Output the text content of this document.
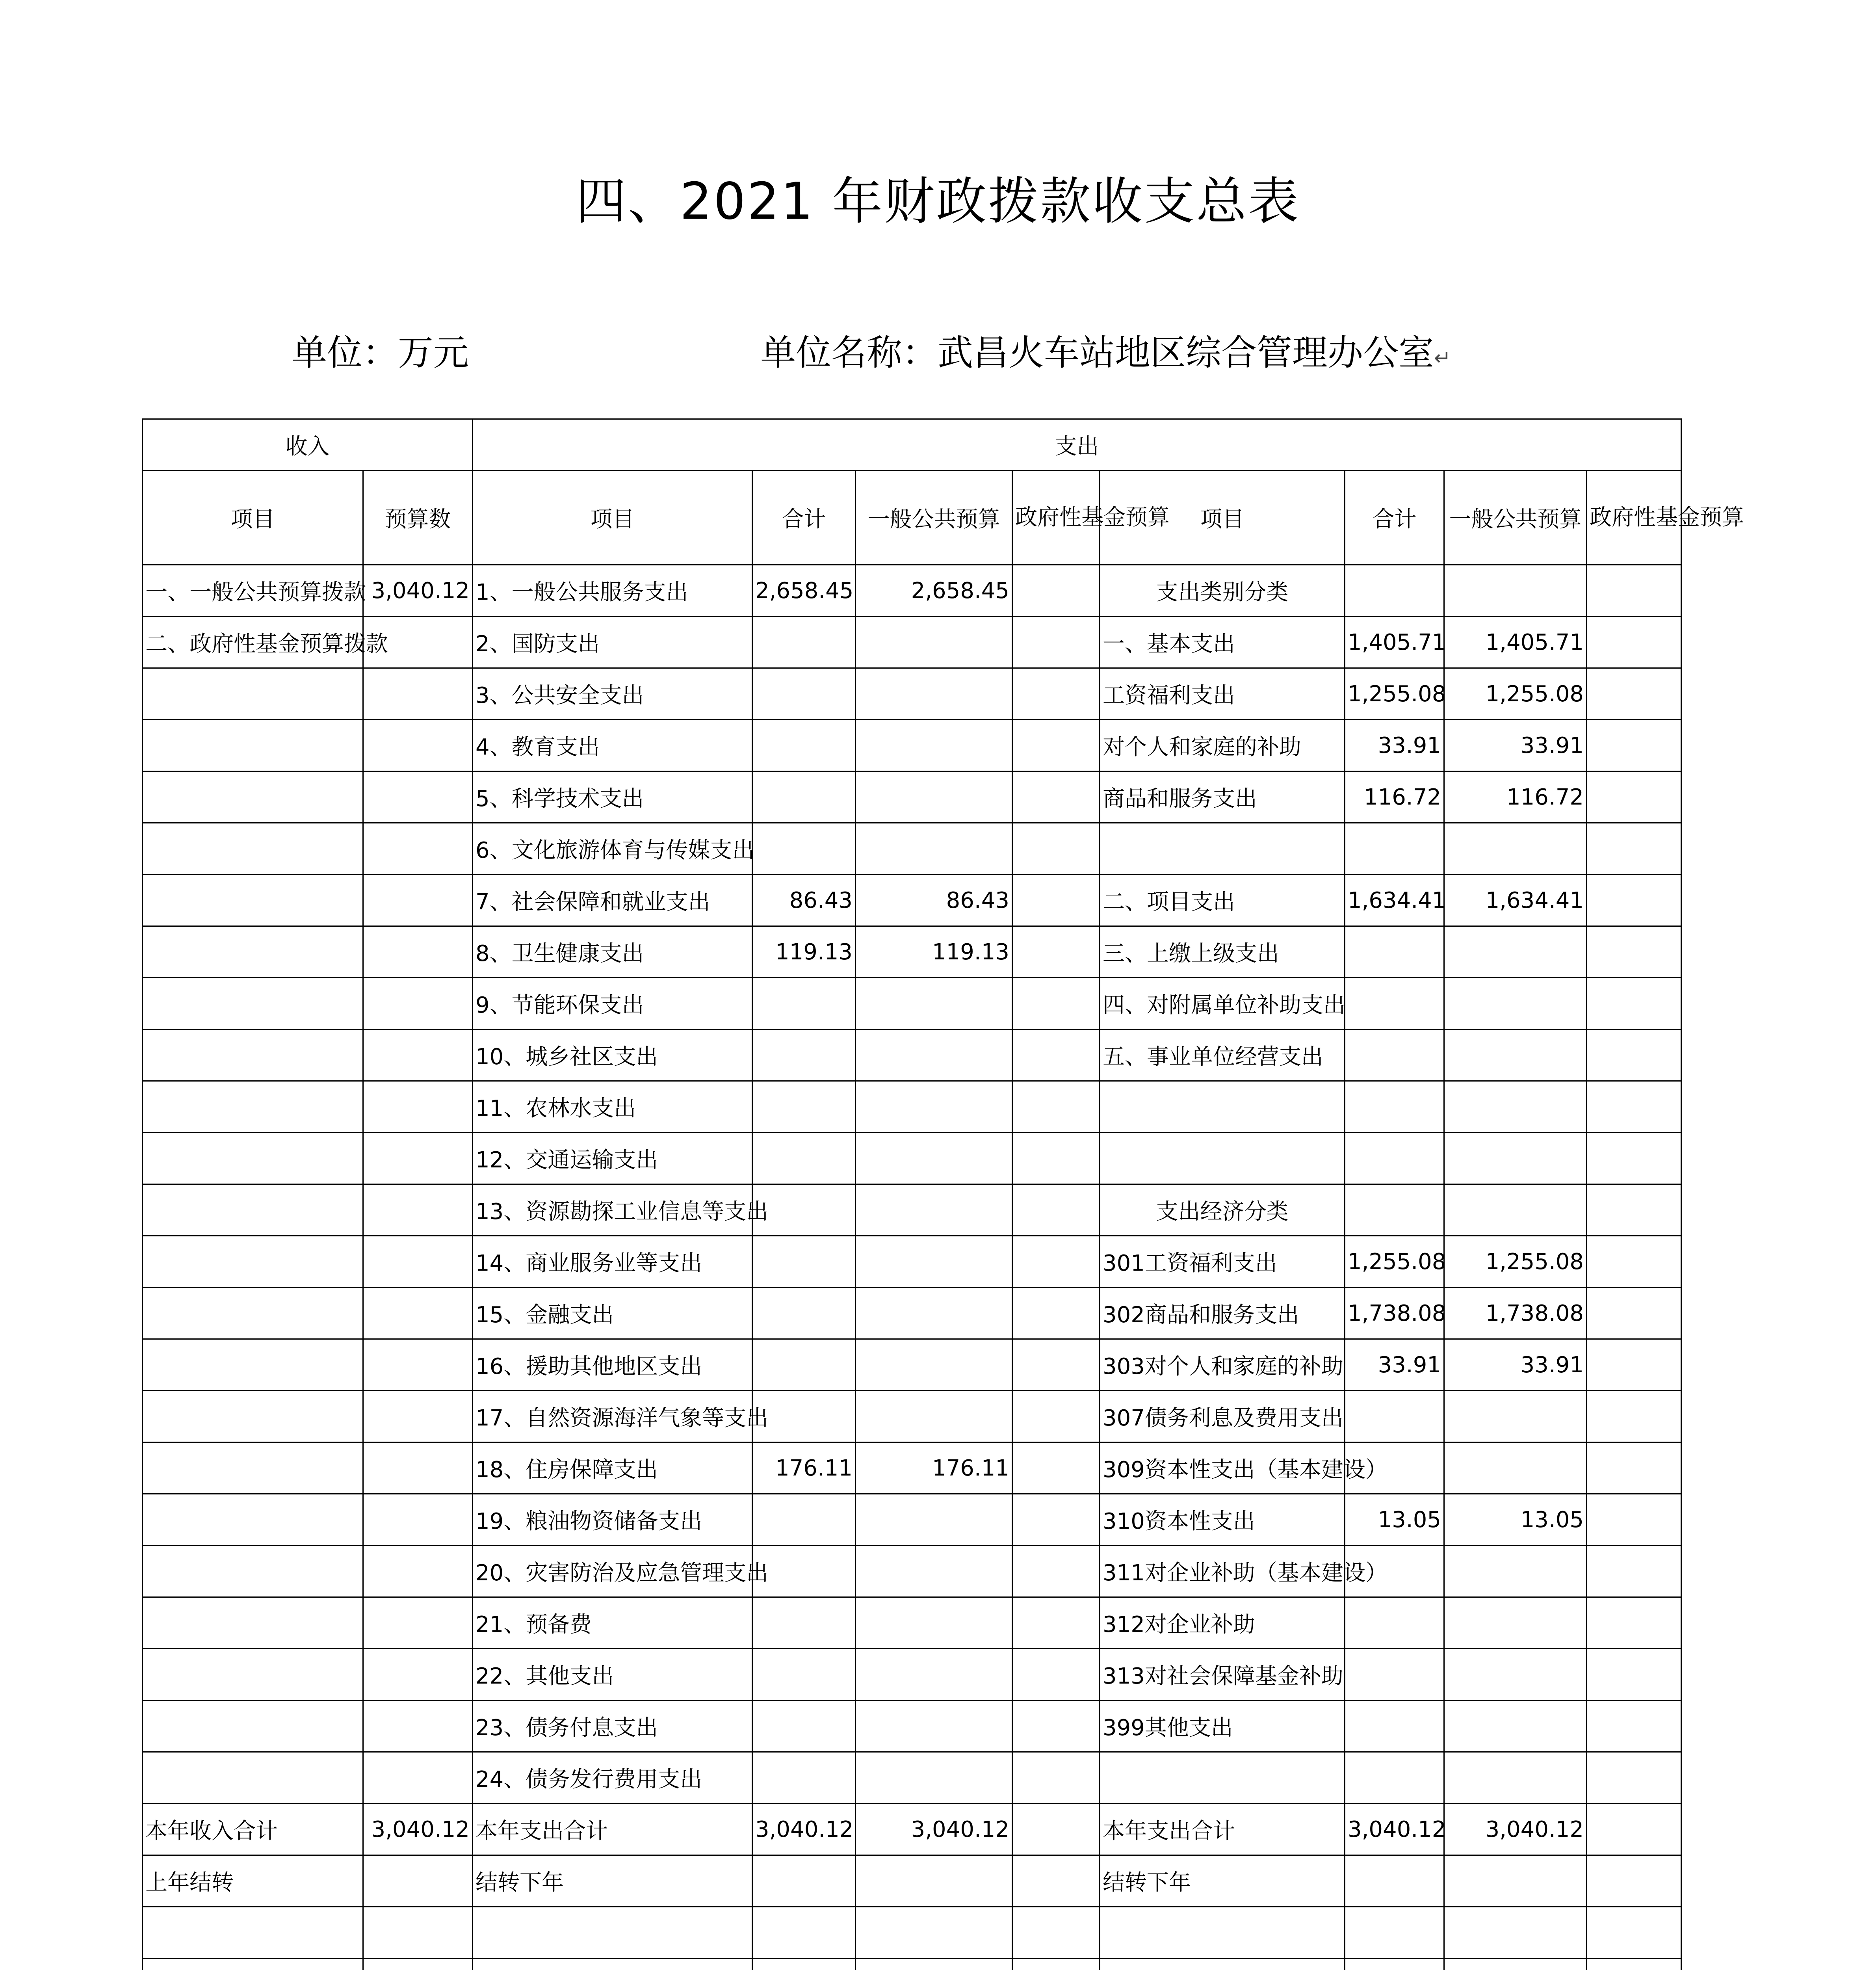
四、2021 年财政拨款收支总表
单位：万元	单位名称：武昌火车站地区综合管理办公室↵
收入		支出							
项目	预算数	项目	合计	一般公共预算	政府性基金预算	项目	合计	一般公共预算	政府性基金预算
一、一般公共预算拨款	3,040.12	1、一般公共服务支出	2,658.45	2,658.45		支出类别分类			
二、政府性基金预算拨款		2、国防支出				一、基本支出	1,405.71	1,405.71	
		3、公共安全支出				工资福利支出	1,255.08	1,255.08	
		4、教育支出				对个人和家庭的补助	33.91	33.91	
		5、科学技术支出				商品和服务支出	116.72	116.72	
		6、文化旅游体育与传媒支出							
		7、社会保障和就业支出	86.43	86.43		二、项目支出	1,634.41	1,634.41	
		8、卫生健康支出	119.13	119.13		三、上缴上级支出			
		9、节能环保支出				四、对附属单位补助支出			
		10、城乡社区支出				五、事业单位经营支出			
		11、农林水支出							
		12、交通运输支出							
		13、资源勘探工业信息等支出				支出经济分类			
		14、商业服务业等支出				301工资福利支出	1,255.08	1,255.08	
		15、金融支出				302商品和服务支出	1,738.08	1,738.08	
		16、援助其他地区支出				303对个人和家庭的补助	33.91	33.91	
		17、自然资源海洋气象等支出				307债务利息及费用支出			
		18、住房保障支出	176.11	176.11		309资本性支出（基本建设）			
		19、粮油物资储备支出				310资本性支出	13.05	13.05	
		20、灾害防治及应急管理支出				311对企业补助（基本建设）			
		21、预备费				312对企业补助			
		22、其他支出				313对社会保障基金补助			
		23、债务付息支出				399其他支出			
		24、债务发行费用支出							
本年收入合计	3,040.12	本年支出合计	3,040.12	3,040.12		本年支出合计	3,040.12	3,040.12	
上年结转		结转下年				结转下年			
